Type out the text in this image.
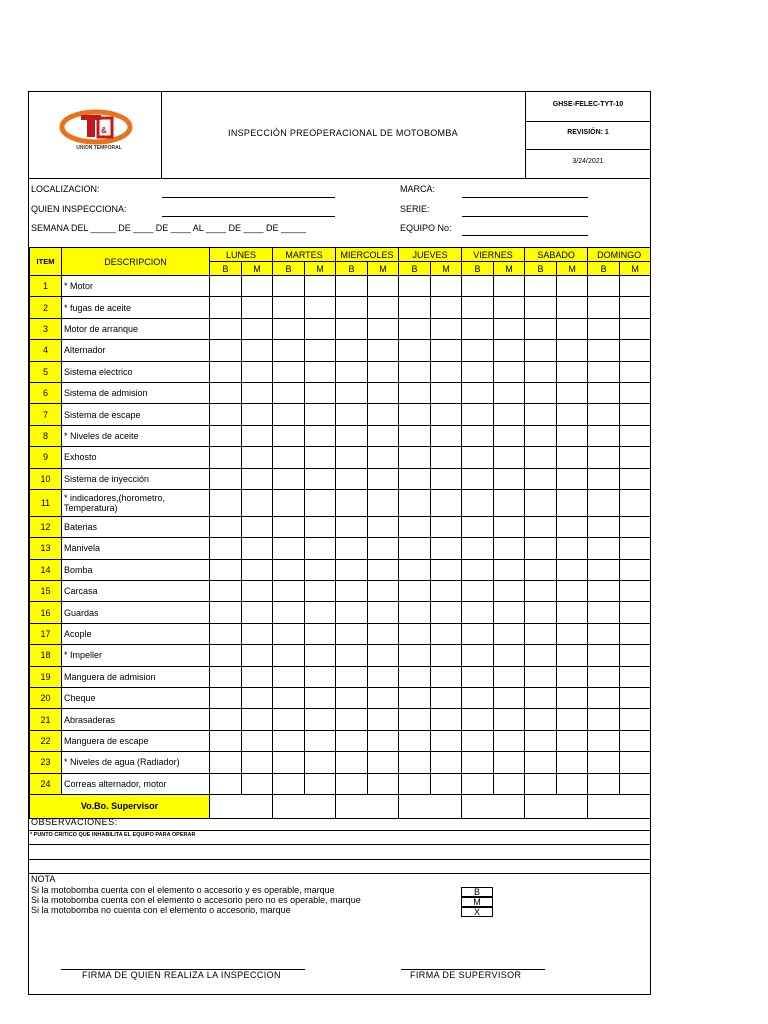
&
UNION TEMPORAL
INSPECCIÓN PREOPERACIONAL DE MOTOBOMBA
GHSE-FELEC-TYT-10
REVISIÓN: 1
3/24/2021
LOCALIZACION:
QUIEN INSPECCIONA:
SEMANA DEL _____ DE ____ DE ____ AL ____ DE ____ DE _____
MARCA:
SERIE:
EQUIPO No:
ITEM	DESCRIPCION	LUNES		MARTES		MIERCOLES		JUEVES		VIERNES		SABADO		DOMINGO	
		B	M	B	M	B	M	B	M	B	M	B	M	B	M
1	* Motor														
2	* fugas de aceite														
3	Motor de arranque														
4	Alternador														
5	Sistema electrico														
6	Sistema de admision														
7	Sistema de escape														
8	* Niveles de aceite														
9	Exhosto														
10	Sistema de inyección														
11	* indicadores,(horometro, Temperatura)														
12	Baterias														
13	Manivela														
14	Bomba														
15	Carcasa														
16	Guardas														
17	Acople														
18	* Impeller														
19	Manguera de admision														
20	Cheque														
21	Abrasaderas														
22	Manguera de escape														
23	* Niveles de agua (Radiador)														
24	Correas alternador, motor														
Vo.Bo. Supervisor															
OBSERVACIONES:
* PUNTO CRITICO QUE INHABILITA EL EQUIPO PARA OPERAR
NOTA
Si la motobomba cuenta con el elemento o accesorio y es operable, marque
Si la motobomba cuenta con el elemento o accesorio pero no es operable, marque
Si la motobomba no cuenta con el elemento o accesorio, marque
B
M
X
FIRMA DE QUIEN REALIZA LA INSPECCION	FIRMA DE SUPERVISOR
